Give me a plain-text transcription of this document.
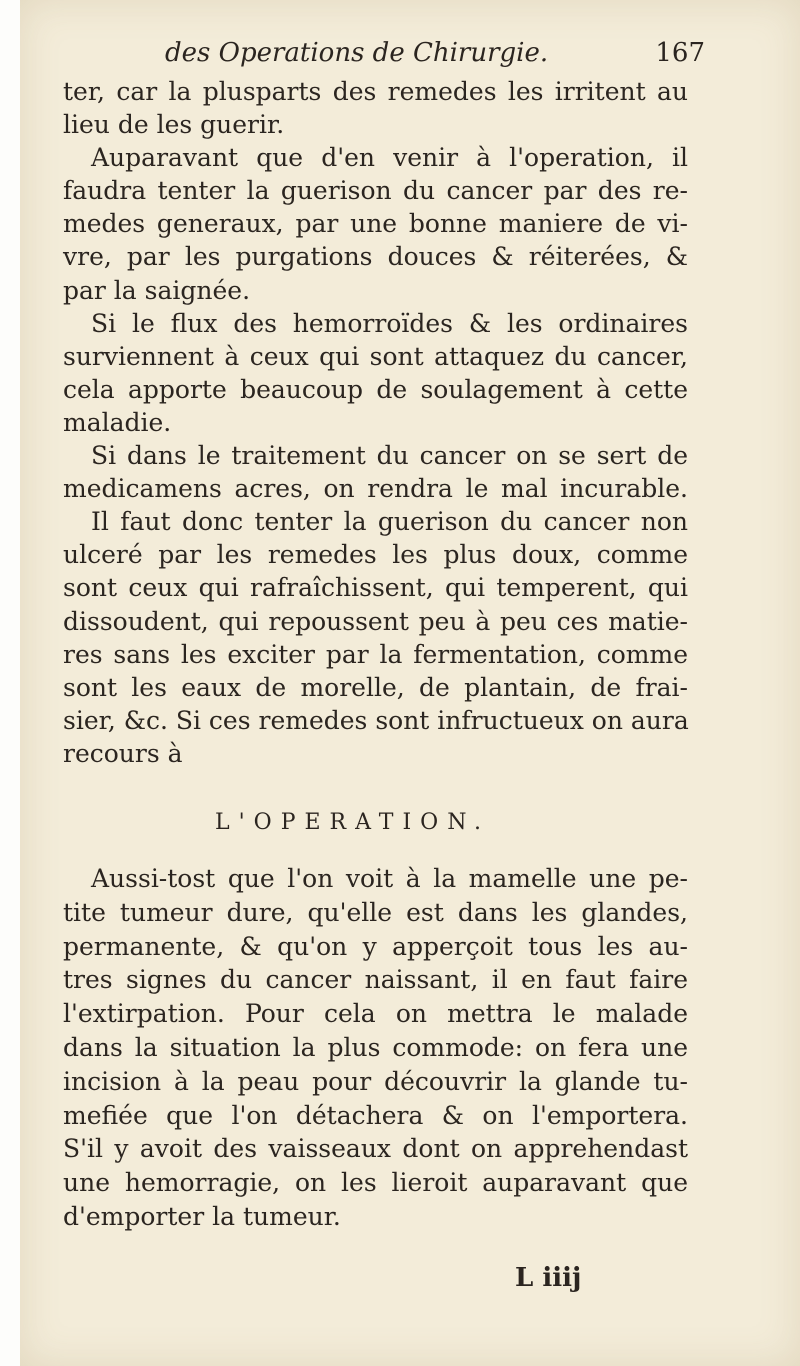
des Operations de Chirurgie.	167
ter, car la plusparts des remedes les irritent au
lieu de les guerir.
Auparavant que d'en venir à l'operation, il
faudra tenter la guerison du cancer par des re-
medes generaux, par une bonne maniere de vi-
vre, par les purgations douces & réiterées, &
par la saignée.
Si le flux des hemorroïdes & les ordinaires
surviennent à ceux qui sont attaquez du cancer,
cela apporte beaucoup de soulagement à cette
maladie.
Si dans le traitement du cancer on se sert de
medicamens acres, on rendra le mal incurable.
Il faut donc tenter la guerison du cancer non
ulceré par les remedes les plus doux, comme
sont ceux qui rafraîchissent, qui temperent, qui
dissoudent, qui repoussent peu à peu ces matie-
res sans les exciter par la fermentation, comme
sont les eaux de morelle, de plantain, de frai-
sier, &c. Si ces remedes sont infructueux on aura
recours à
L'OPERATION.
Aussi-tost que l'on voit à la mamelle une pe-
tite tumeur dure, qu'elle est dans les glandes,
permanente, & qu'on y apperçoit tous les au-
tres signes du cancer naissant, il en faut faire
l'extirpation. Pour cela on mettra le malade
dans la situation la plus commode: on fera une
incision à la peau pour découvrir la glande tu-
mefiée que l'on détachera & on l'emportera.
S'il y avoit des vaisseaux dont on apprehendast
une hemorragie, on les lieroit auparavant que
d'emporter la tumeur.
L iiij
